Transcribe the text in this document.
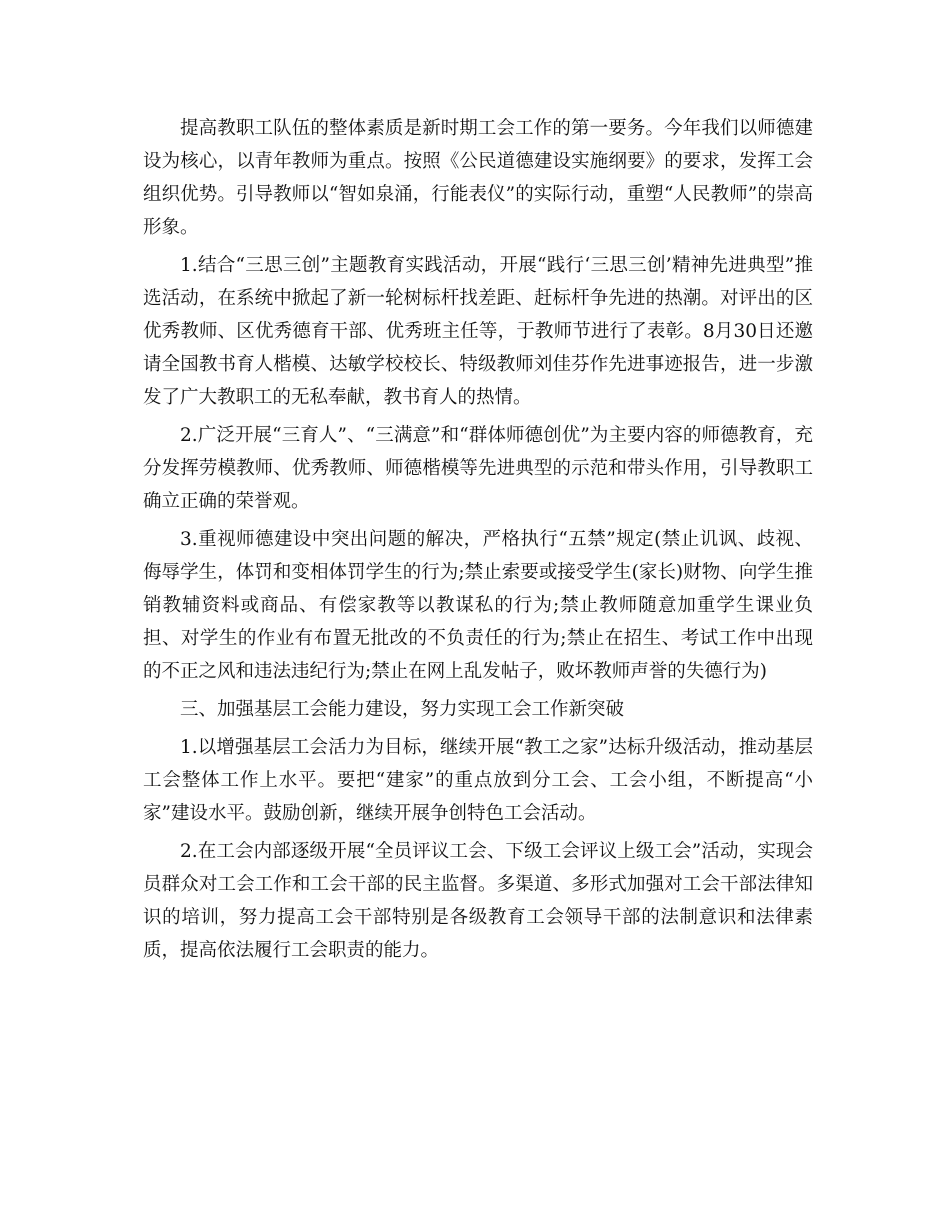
提高教职工队伍的整体素质是新时期工会工作的第一要务。今年我们以师德建设为核心，以青年教师为重点。按照《公民道德建设实施纲要》的要求，发挥工会组织优势。引导教师以“智如泉涌，行能表仪”的实际行动，重塑“人民教师”的崇高形象。

1.结合“三思三创”主题教育实践活动，开展“践行‘三思三创’精神先进典型”推选活动，在系统中掀起了新一轮树标杆找差距、赶标杆争先进的热潮。对评出的区优秀教师、区优秀德育干部、优秀班主任等，于教师节进行了表彰。8月30日还邀请全国教书育人楷模、达敏学校校长、特级教师刘佳芬作先进事迹报告，进一步激发了广大教职工的无私奉献，教书育人的热情。

2.广泛开展“三育人”、“三满意”和“群体师德创优”为主要内容的师德教育，充分发挥劳模教师、优秀教师、师德楷模等先进典型的示范和带头作用，引导教职工确立正确的荣誉观。

3.重视师德建设中突出问题的解决，严格执行“五禁”规定(禁止讥讽、歧视、侮辱学生，体罚和变相体罚学生的行为;禁止索要或接受学生(家长)财物、向学生推销教辅资料或商品、有偿家教等以教谋私的行为;禁止教师随意加重学生课业负担、对学生的作业有布置无批改的不负责任的行为;禁止在招生、考试工作中出现的不正之风和违法违纪行为;禁止在网上乱发帖子，败坏教师声誉的失德行为)

三、加强基层工会能力建设，努力实现工会工作新突破

1.以增强基层工会活力为目标，继续开展“教工之家”达标升级活动，推动基层工会整体工作上水平。要把“建家”的重点放到分工会、工会小组，不断提高“小家”建设水平。鼓励创新，继续开展争创特色工会活动。

2.在工会内部逐级开展“全员评议工会、下级工会评议上级工会”活动，实现会员群众对工会工作和工会干部的民主监督。多渠道、多形式加强对工会干部法律知识的培训，努力提高工会干部特别是各级教育工会领导干部的法制意识和法律素质，提高依法履行工会职责的能力。
